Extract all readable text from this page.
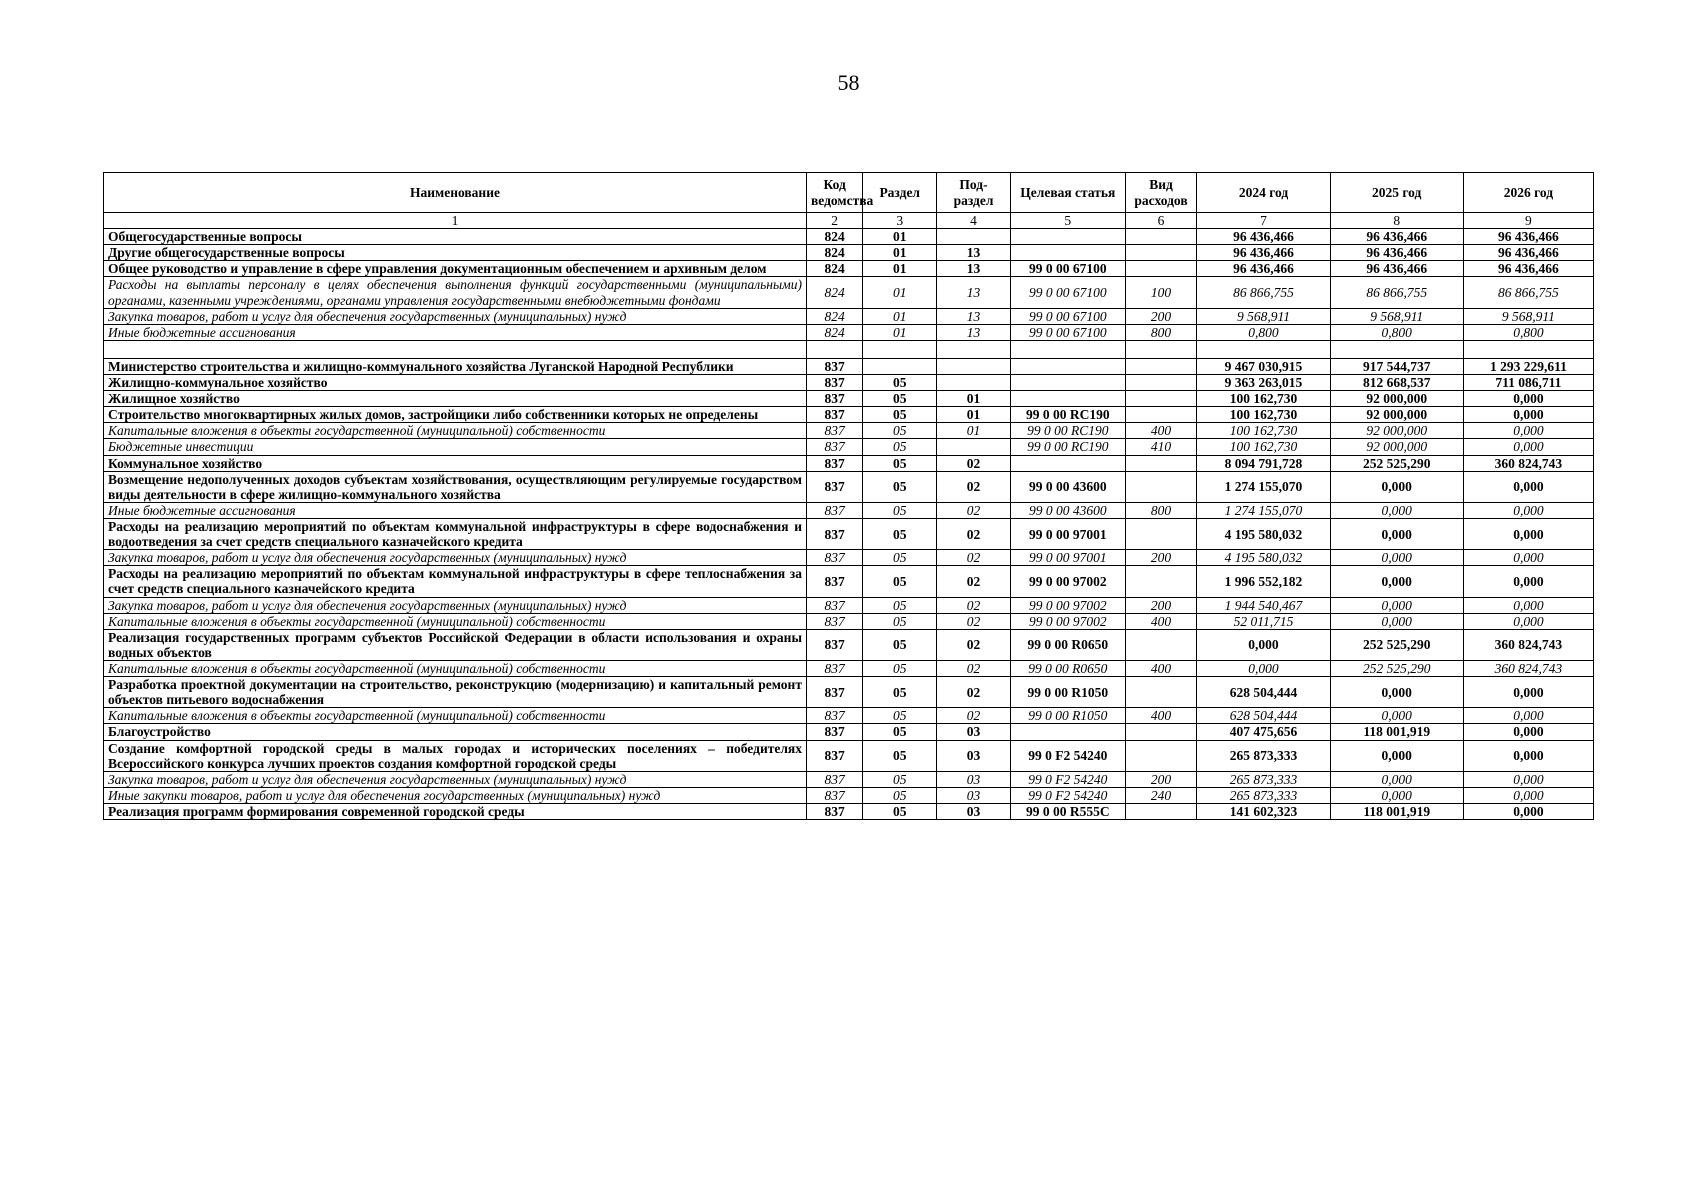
58
Наименование	Код ведомства	Раздел	Под-раздел	Целевая статья	Вид расходов	2024 год	2025 год	2026 год
1	2	3	4	5	6	7	8	9
Общегосударственные вопросы	824	01				96 436,466	96 436,466	96 436,466
Другие общегосударственные вопросы	824	01	13			96 436,466	96 436,466	96 436,466
Общее руководство и управление в сфере управления документационным обеспечением и архивным делом	824	01	13	99 0 00 67100		96 436,466	96 436,466	96 436,466
Расходы на выплаты персоналу в целях обеспечения выполнения функций государственными (муниципальными) органами, казенными учреждениями, органами управления государственными внебюджетными фондами	824	01	13	99 0 00 67100	100	86 866,755	86 866,755	86 866,755
Закупка товаров, работ и услуг для обеспечения государственных (муниципальных) нужд	824	01	13	99 0 00 67100	200	9 568,911	9 568,911	9 568,911
Иные бюджетные ассигнования	824	01	13	99 0 00 67100	800	0,800	0,800	0,800

Министерство строительства и жилищно-коммунального хозяйства Луганской Народной Республики	837					9 467 030,915	917 544,737	1 293 229,611
Жилищно-коммунальное хозяйство	837	05				9 363 263,015	812 668,537	711 086,711
Жилищное хозяйство	837	05	01			100 162,730	92 000,000	0,000
Строительство многоквартирных жилых домов, застройщики либо собственники которых не определены	837	05	01	99 0 00 RC190		100 162,730	92 000,000	0,000
Капитальные вложения в объекты государственной (муниципальной) собственности	837	05	01	99 0 00 RC190	400	100 162,730	92 000,000	0,000
Бюджетные инвестиции	837	05		99 0 00 RC190	410	100 162,730	92 000,000	0,000
Коммунальное хозяйство	837	05	02			8 094 791,728	252 525,290	360 824,743
Возмещение недополученных доходов субъектам хозяйствования, осуществляющим регулируемые государством виды деятельности в сфере жилищно-коммунального хозяйства	837	05	02	99 0 00 43600		1 274 155,070	0,000	0,000
Иные бюджетные ассигнования	837	05	02	99 0 00 43600	800	1 274 155,070	0,000	0,000
Расходы на реализацию мероприятий по объектам коммунальной инфраструктуры в сфере водоснабжения и водоотведения за счет средств специального казначейского кредита	837	05	02	99 0 00 97001		4 195 580,032	0,000	0,000
Закупка товаров, работ и услуг для обеспечения государственных (муниципальных) нужд	837	05	02	99 0 00 97001	200	4 195 580,032	0,000	0,000
Расходы на реализацию мероприятий по объектам коммунальной инфраструктуры в сфере теплоснабжения за счет средств специального казначейского кредита	837	05	02	99 0 00 97002		1 996 552,182	0,000	0,000
Закупка товаров, работ и услуг для обеспечения государственных (муниципальных) нужд	837	05	02	99 0 00 97002	200	1 944 540,467	0,000	0,000
Капитальные вложения в объекты государственной (муниципальной) собственности	837	05	02	99 0 00 97002	400	52 011,715	0,000	0,000
Реализация государственных программ субъектов Российской Федерации в области использования и охраны водных объектов	837	05	02	99 0 00 R0650		0,000	252 525,290	360 824,743
Капитальные вложения в объекты государственной (муниципальной) собственности	837	05	02	99 0 00 R0650	400	0,000	252 525,290	360 824,743
Разработка проектной документации на строительство, реконструкцию (модернизацию) и капитальный ремонт объектов питьевого водоснабжения	837	05	02	99 0 00 R1050		628 504,444	0,000	0,000
Капитальные вложения в объекты государственной (муниципальной) собственности	837	05	02	99 0 00 R1050	400	628 504,444	0,000	0,000
Благоустройство	837	05	03			407 475,656	118 001,919	0,000
Создание комфортной городской среды в малых городах и исторических поселениях – победителях Всероссийского конкурса лучших проектов создания комфортной городской среды	837	05	03	99 0 F2 54240		265 873,333	0,000	0,000
Закупка товаров, работ и услуг для обеспечения государственных (муниципальных) нужд	837	05	03	99 0 F2 54240	200	265 873,333	0,000	0,000
Иные закупки товаров, работ и услуг для обеспечения государственных (муниципальных) нужд	837	05	03	99 0 F2 54240	240	265 873,333	0,000	0,000
Реализация программ формирования современной городской среды	837	05	03	99 0 00 R555C		141 602,323	118 001,919	0,000
